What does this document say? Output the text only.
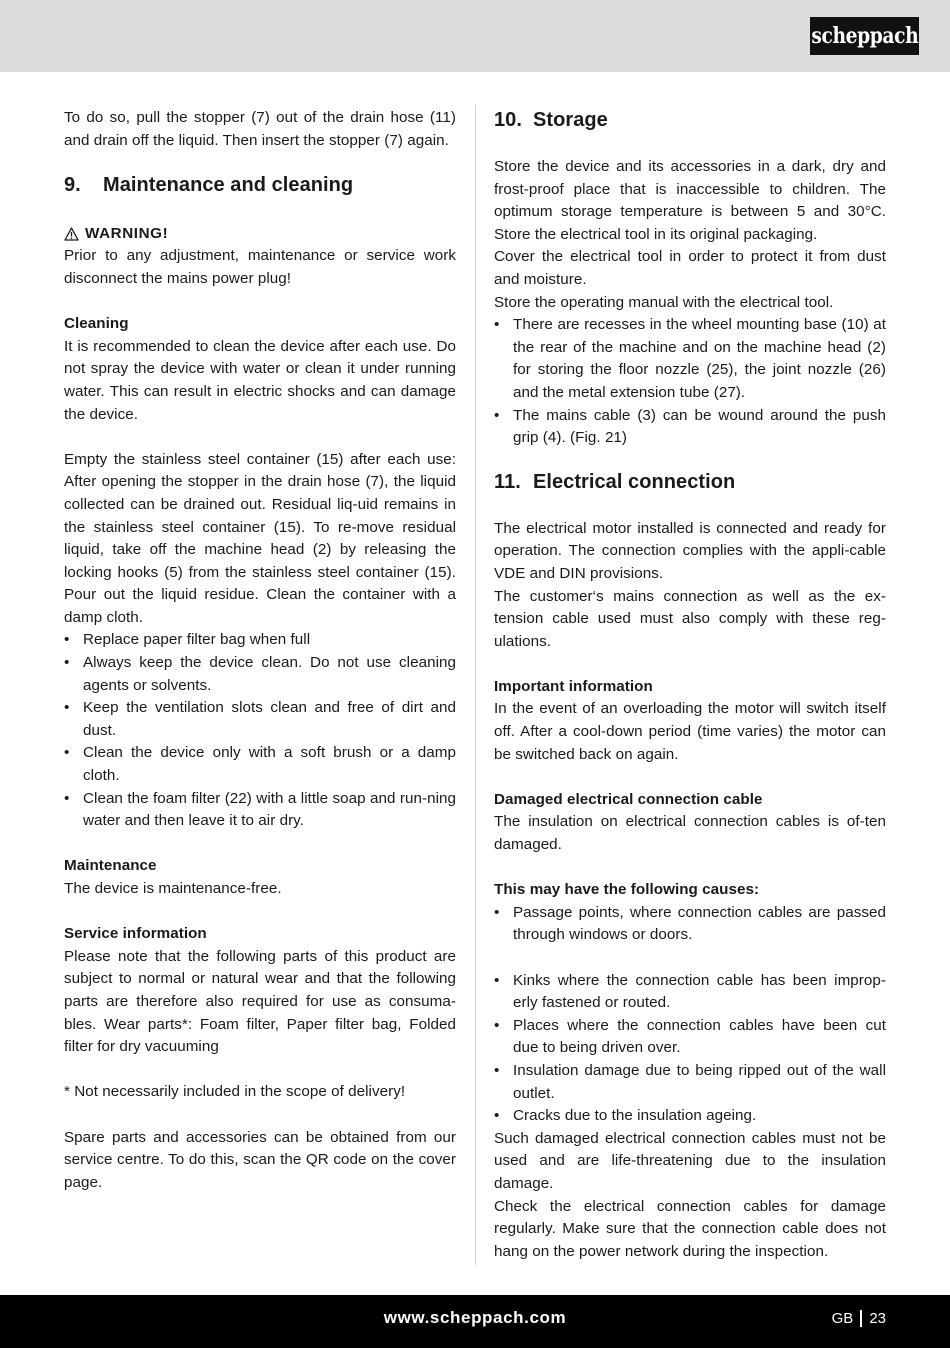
scheppach

To do so, pull the stopper (7) out of the drain hose (11) and drain off the liquid. Then insert the stopper (7) again.

9.	Maintenance and cleaning
WARNING!

Prior to any adjustment, maintenance or service work disconnect the mains power plug!

Cleaning

It is recommended to clean the device after each use. Do not spray the device with water or clean it under running water. This can result in electric shocks and can damage the device.

Empty the stainless steel container (15) after each use: After opening the stopper in the drain hose (7), the liquid collected can be drained out. Residual liq-uid remains in the stainless steel container (15). To re-move residual liquid, take off the machine head (2) by releasing the locking hooks (5) from the stainless steel container (15). Pour out the liquid residue. Clean the container with a damp cloth.

• Replace paper filter bag when full
• Always keep the device clean. Do not use cleaning agents or solvents.
• Keep the ventilation slots clean and free of dirt and dust.
• Clean the device only with a soft brush or a damp cloth.
• Clean the foam filter (22) with a little soap and run-ning water and then leave it to air dry.
Maintenance

The device is maintenance-free.

Service information

Please note that the following parts of this product are subject to normal or natural wear and that the following parts are therefore also required for use as consuma-bles. Wear parts*: Foam filter, Paper filter bag, Folded filter for dry vacuuming

* Not necessarily included in the scope of delivery!

Spare parts and accessories can be obtained from our service centre. To do this, scan the QR code on the cover page.

10. Storage

Store the device and its accessories in a dark, dry and frost-proof place that is inaccessible to children. The optimum storage temperature is between 5 and 30°C. Store the electrical tool in its original packaging.

Cover the electrical tool in order to protect it from dust and moisture.

Store the operating manual with the electrical tool.

• There are recesses in the wheel mounting base (10) at the rear of the machine and on the machine head (2) for storing the floor nozzle (25), the joint nozzle (26) and the metal extension tube (27).
• The mains cable (3) can be wound around the push grip (4). (Fig. 21)
11. Electrical connection

The electrical motor installed is connected and ready for operation. The connection complies with the appli-cable VDE and DIN provisions.

The customer‘s mains connection as well as the ex-tension cable used must also comply with these reg-ulations.

Important information

In the event of an overloading the motor will switch itself off. After a cool-down period (time varies) the motor can be switched back on again.

Damaged electrical connection cable

The insulation on electrical connection cables is of-ten damaged.

This may have the following causes:
• Passage points, where connection cables are passed through windows or doors.
• Kinks where the connection cable has been improp-erly fastened or routed.
• Places where the connection cables have been cut due to being driven over.
• Insulation damage due to being ripped out of the wall outlet.
• Cracks due to the insulation ageing.

Such damaged electrical connection cables must not be used and are life-threatening due to the insulation damage.

Check the electrical connection cables for damage regularly. Make sure that the connection cable does not hang on the power network during the inspection.

www.scheppach.com	GB 23
